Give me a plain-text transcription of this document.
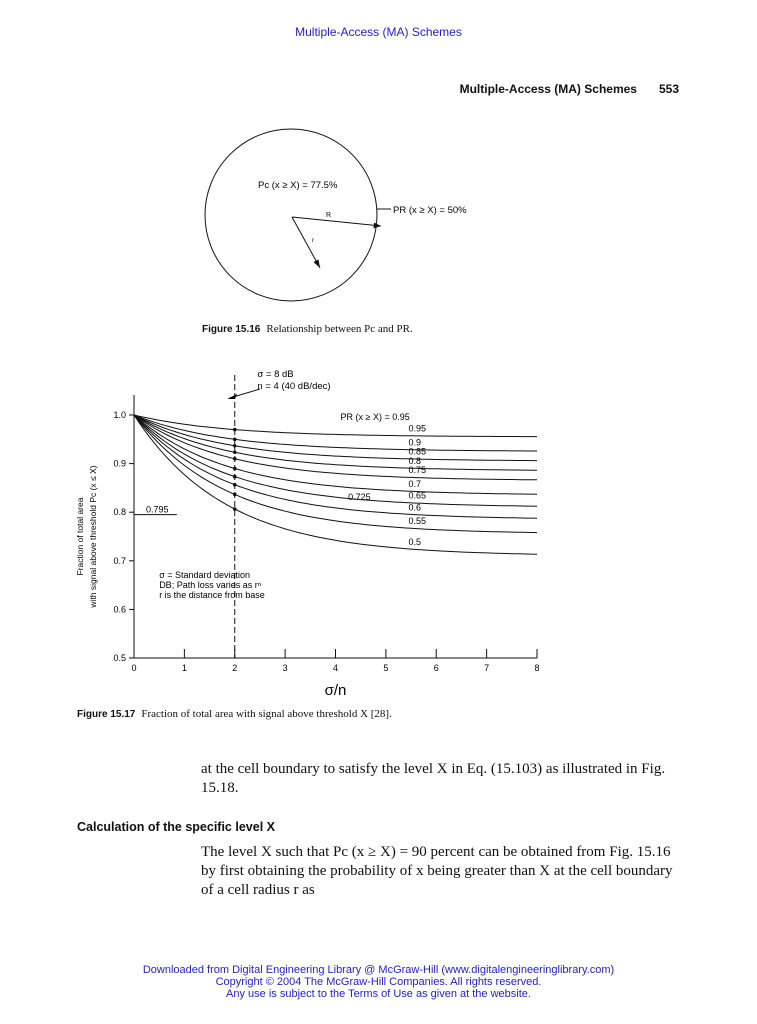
Multiple-Access (MA) Schemes
Multiple-Access (MA) Schemes 553
Pc (x ≥ X) = 77.5%
PR (x ≥ X) = 50%
R
r
Figure 15.16 Relationship between Pc and PR.
0.5
0.6
0.7
0.8
0.9
1.0
0	1	2	3	4	5	6	7	8
σ/n
Fraction of total area with signal above threshold Pc (x ≤ X)
0.95
0.9
0.85
0.8
0.75
0.7
0.65
0.6
0.55
0.5
0.795
0.725
PR (x ≥ X) = 0.95
σ = 8 dB
n = 4 (40 dB/dec)
σ = Standard deviation
DB; Path loss varies as rⁿ
r is the distance from base
Figure 15.17 Fraction of total area with signal above threshold X [28].
at the cell boundary to satisfy the level X in Eq. (15.103) as illustrated in Fig. 15.18.
Calculation of the specific level X
The level X such that Pc (x ≥ X) = 90 percent can be obtained from Fig. 15.16 by first obtaining the probability of x being greater than X at the cell boundary of a cell radius r as
Downloaded from Digital Engineering Library @ McGraw-Hill (www.digitalengineeringlibrary.com)
Copyright © 2004 The McGraw-Hill Companies. All rights reserved.
Any use is subject to the Terms of Use as given at the website.
